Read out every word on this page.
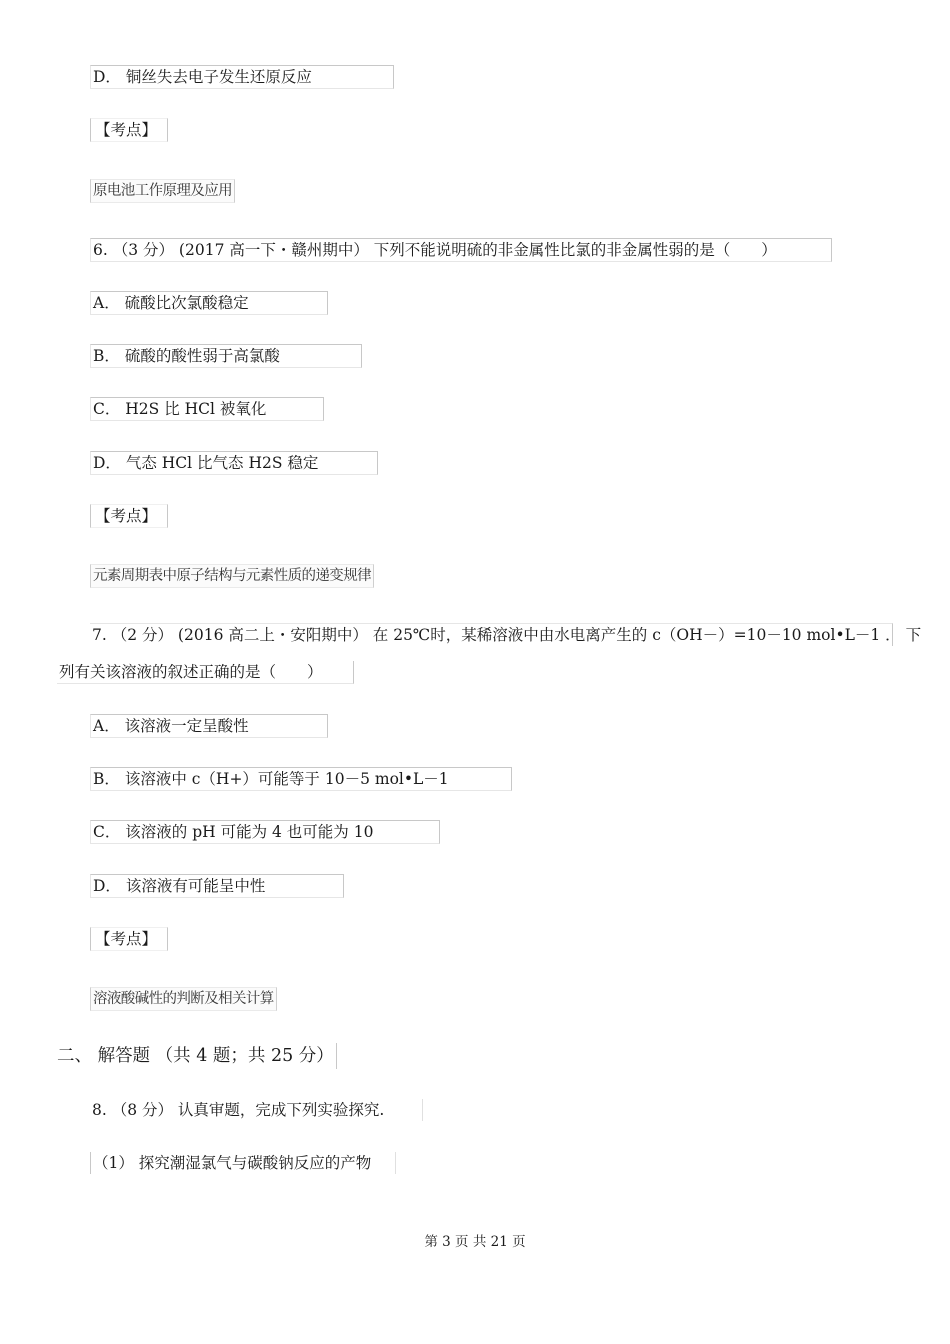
D． 铜丝失去电子发生还原反应
【考点】
原电池工作原理及应用
6. （3 分） (2017 高一下・赣州期中） 下列不能说明硫的非金属性比氯的非金属性弱的是（　　）
A． 硫酸比次氯酸稳定
B． 硫酸的酸性弱于高氯酸
C． H2S 比 HCl 被氧化
D． 气态 HCl 比气态 H2S 稳定
【考点】
元素周期表中原子结构与元素性质的递变规律
7. （2 分） (2016 高二上・安阳期中） 在 25℃时，某稀溶液中由水电离产生的 c（OH－）=10－10 mol•L－1 ． 下
列有关该溶液的叙述正确的是（　　）
A． 该溶液一定呈酸性
B． 该溶液中 c（H+）可能等于 10－5 mol•L－1
C． 该溶液的 pH 可能为 4 也可能为 10
D． 该溶液有可能呈中性
【考点】
溶液酸碱性的判断及相关计算
二、 解答题 （共 4 题；共 25 分）
8. （8 分） 认真审题，完成下列实验探究.
（1） 探究潮湿氯气与碳酸钠反应的产物
第 3 页 共 21 页
